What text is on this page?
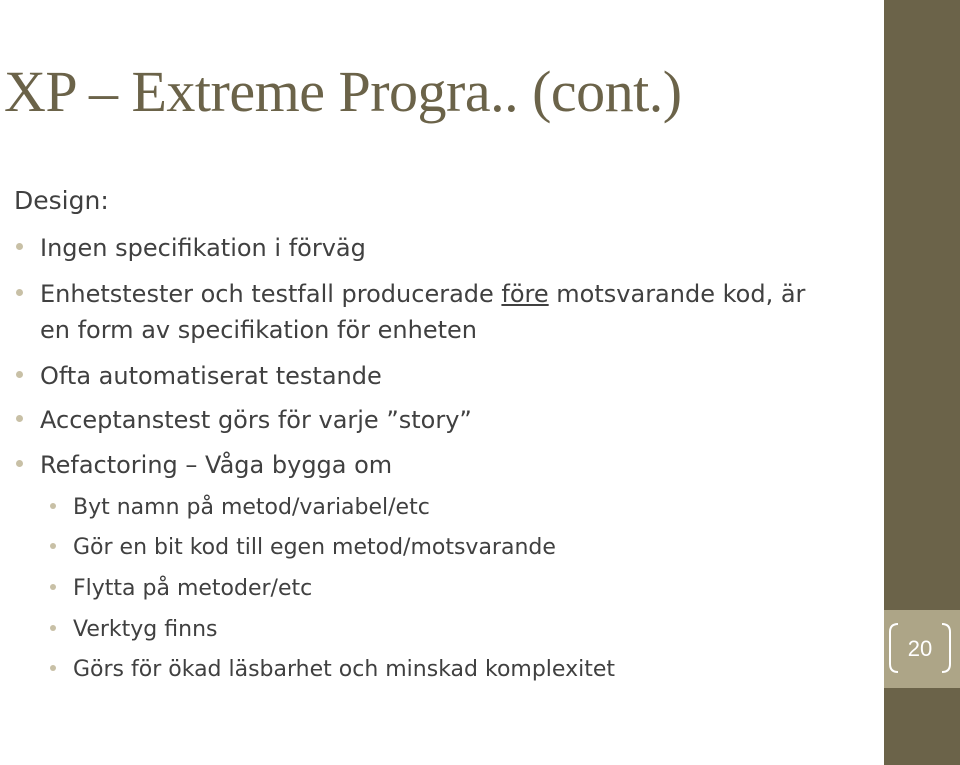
20
XP – Extreme Progra.. (cont.)
Design:
Ingen specifikation i förväg
Enhetstester och testfall producerade före motsvarande kod, är
en form av specifikation för enheten
Ofta automatiserat testande
Acceptanstest görs för varje ”story”
Refactoring – Våga bygga om
Byt namn på metod/variabel/etc
Gör en bit kod till egen metod/motsvarande
Flytta på metoder/etc
Verktyg finns
Görs för ökad läsbarhet och minskad komplexitet
